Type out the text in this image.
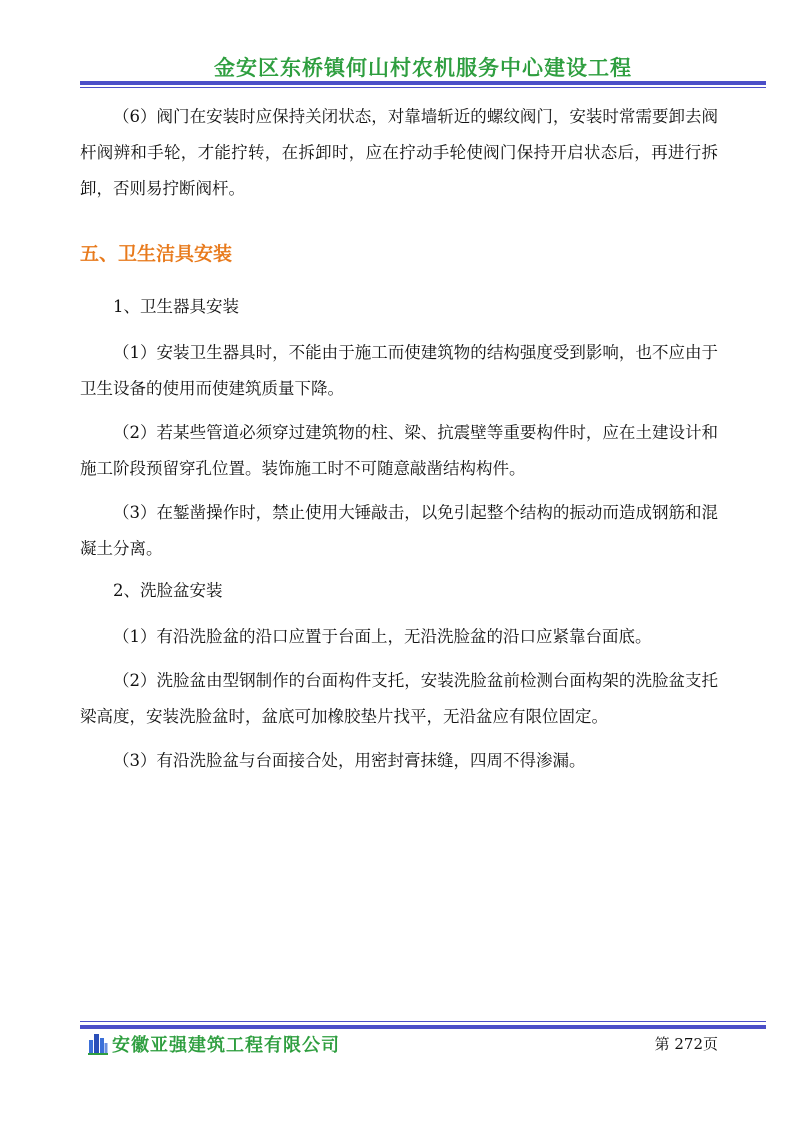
金安区东桥镇何山村农机服务中心建设工程

（6）阀门在安装时应保持关闭状态，对靠墙斩近的螺纹阀门，安装时常需要卸去阀杆阀辨和手轮，才能拧转，在拆卸时，应在拧动手轮使阀门保持开启状态后，再进行拆卸，否则易拧断阀杆。

五、卫生洁具安装
1、卫生器具安装

（1）安装卫生器具时，不能由于施工而使建筑物的结构强度受到影响，也不应由于卫生设备的使用而使建筑质量下降。

（2）若某些管道必须穿过建筑物的柱、梁、抗震壁等重要构件时，应在土建设计和施工阶段预留穿孔位置。装饰施工时不可随意敲凿结构构件。

（3）在錾凿操作时，禁止使用大锤敲击，以免引起整个结构的振动而造成钢筋和混凝土分离。

2、洗脸盆安装

（1）有沿洗脸盆的沿口应置于台面上，无沿洗脸盆的沿口应紧靠台面底。

（2）洗脸盆由型钢制作的台面构件支托，安装洗脸盆前检测台面构架的洗脸盆支托梁高度，安装洗脸盆时，盆底可加橡胶垫片找平，无沿盆应有限位固定。

（3）有沿洗脸盆与台面接合处，用密封膏抹缝，四周不得渗漏。

安徽亚强建筑工程有限公司	第 272页
